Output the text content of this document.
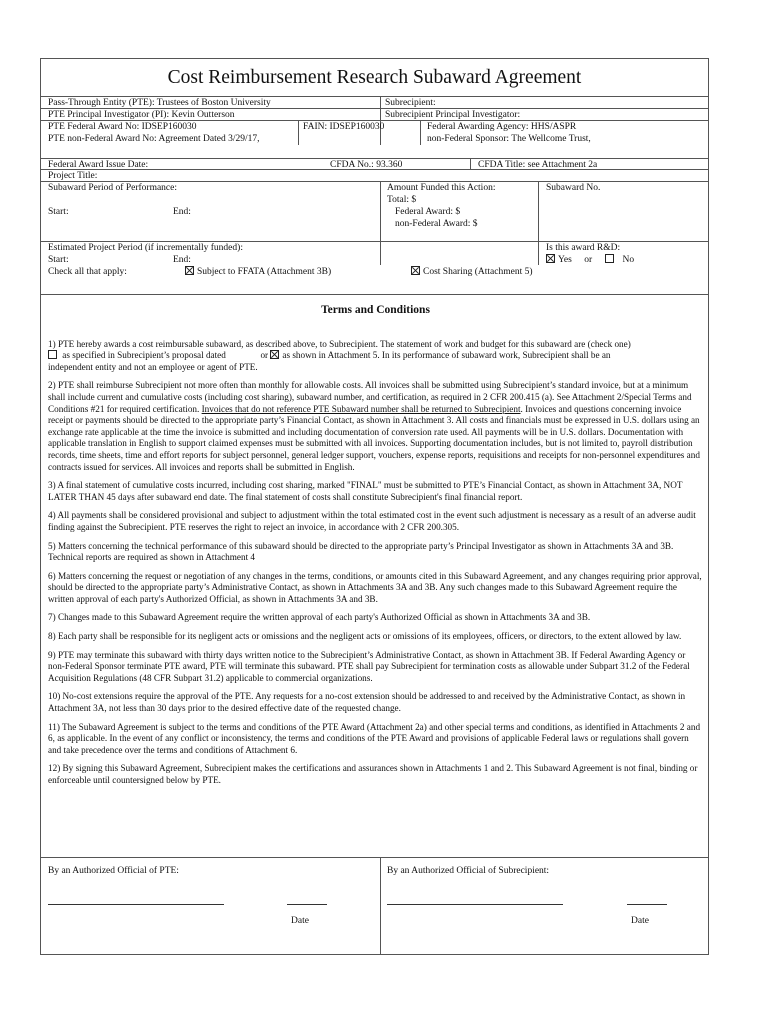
Cost Reimbursement Research Subaward Agreement
Pass-Through Entity (PTE): Trustees of Boston University	Subrecipient:
PTE Principal Investigator (PI): Kevin Outterson	Subrecipient Principal Investigator:
PTE Federal Award No: IDSEP160030	FAIN: IDSEP160030	Federal Awarding Agency: HHS/ASPR
PTE non-Federal Award No: Agreement Dated 3/29/17,	non-Federal Sponsor: The Wellcome Trust,
Federal Award Issue Date:	CFDA No.: 93.360	CFDA Title: see Attachment 2a
Project Title:
Subaward Period of Performance:	Amount Funded this Action:	Subaward No.
Total: $
Start:	End:	Federal Award: $
non-Federal Award: $
Estimated Project Period (if incrementally funded):	Is this award R&D:
Start:	End:	Yes or	No
Check all that apply:	Subject to FFATA (Attachment 3B)	Cost Sharing (Attachment 5)
Terms and Conditions

1) PTE hereby awards a cost reimbursable subaward, as described above, to Subrecipient. The statement of work and budget for this subaward are (check one)
as specified in Subrecipient’s proposal dated	or as shown in Attachment 5. In its performance of subaward work, Subrecipient shall be an
independent entity and not an employee or agent of PTE.

2) PTE shall reimburse Subrecipient not more often than monthly for allowable costs. All invoices shall be submitted using Subrecipient’s standard invoice, but at a minimum shall include current and cumulative costs (including cost sharing), subaward number, and certification, as required in 2 CFR 200.415 (a). See Attachment 2/Special Terms and Conditions #21 for required certification. Invoices that do not reference PTE Subaward number shall be returned to Subrecipient. Invoices and questions concerning invoice receipt or payments should be directed to the appropriate party’s Financial Contact, as shown in Attachment 3. All costs and financials must be expressed in U.S. dollars using an exchange rate applicable at the time the invoice is submitted and including documentation of conversion rate used. All payments will be in U.S. dollars. Documentation with applicable translation in English to support claimed expenses must be submitted with all invoices. Supporting documentation includes, but is not limited to, payroll distribution records, time sheets, time and effort reports for subject personnel, general ledger support, vouchers, expense reports, requisitions and receipts for non-personnel expenditures and contracts issued for services. All invoices and reports shall be submitted in English.

3) A final statement of cumulative costs incurred, including cost sharing, marked "FINAL" must be submitted to PTE’s Financial Contact, as shown in Attachment 3A, NOT LATER THAN 45 days after subaward end date. The final statement of costs shall constitute Subrecipient's final financial report.

4) All payments shall be considered provisional and subject to adjustment within the total estimated cost in the event such adjustment is necessary as a result of an adverse audit finding against the Subrecipient. PTE reserves the right to reject an invoice, in accordance with 2 CFR 200.305.

5) Matters concerning the technical performance of this subaward should be directed to the appropriate party’s Principal Investigator as shown in Attachments 3A and 3B. Technical reports are required as shown in Attachment 4

6) Matters concerning the request or negotiation of any changes in the terms, conditions, or amounts cited in this Subaward Agreement, and any changes requiring prior approval, should be directed to the appropriate party’s Administrative Contact, as shown in Attachments 3A and 3B. Any such changes made to this Subaward Agreement require the written approval of each party's Authorized Official, as shown in Attachments 3A and 3B.

7) Changes made to this Subaward Agreement require the written approval of each party's Authorized Official as shown in Attachments 3A and 3B.

8) Each party shall be responsible for its negligent acts or omissions and the negligent acts or omissions of its employees, officers, or directors, to the extent allowed by law.

9) PTE may terminate this subaward with thirty days written notice to the Subrecipient’s Administrative Contact, as shown in Attachment 3B. If Federal Awarding Agency or non-Federal Sponsor terminate PTE award, PTE will terminate this subaward. PTE shall pay Subrecipient for termination costs as allowable under Subpart 31.2 of the Federal Acquisition Regulations (48 CFR Subpart 31.2) applicable to commercial organizations.

10) No-cost extensions require the approval of the PTE. Any requests for a no-cost extension should be addressed to and received by the Administrative Contact, as shown in Attachment 3A, not less than 30 days prior to the desired effective date of the requested change.

11) The Subaward Agreement is subject to the terms and conditions of the PTE Award (Attachment 2a) and other special terms and conditions, as identified in Attachments 2 and 6, as applicable. In the event of any conflict or inconsistency, the terms and conditions of the PTE Award and provisions of applicable Federal laws or regulations shall govern and take precedence over the terms and conditions of Attachment 6.

12) By signing this Subaward Agreement, Subrecipient makes the certifications and assurances shown in Attachments 1 and 2. This Subaward Agreement is not final, binding or enforceable until countersigned below by PTE.

By an Authorized Official of PTE:	By an Authorized Official of Subrecipient:
Date	Date
